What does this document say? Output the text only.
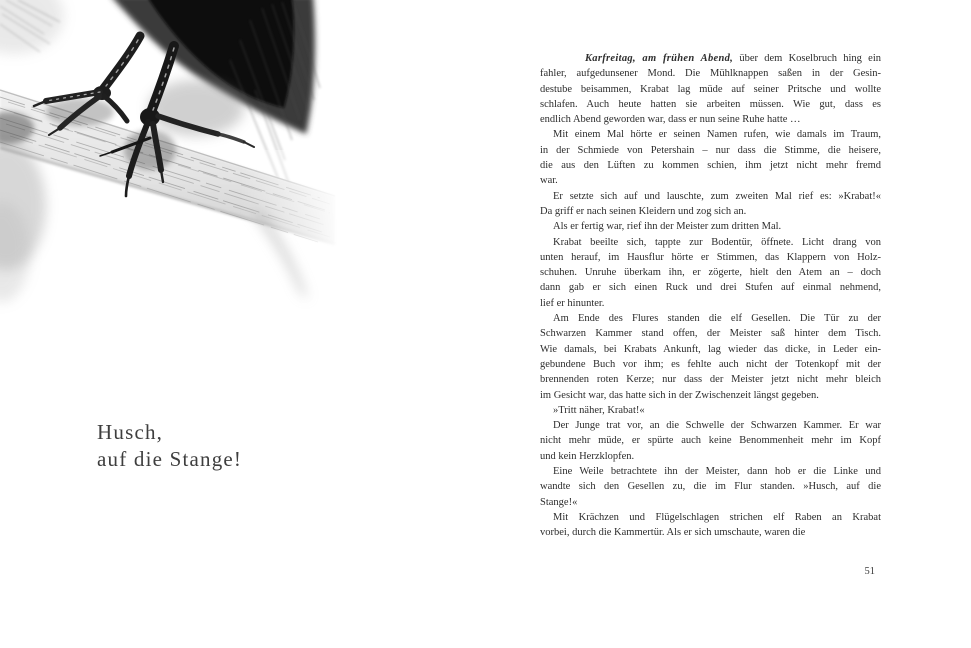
Husch,
auf die Stange!
Karfreitag, am frühen Abend, über dem Koselbruch hing ein
fahler, aufgedunsener Mond. Die Mühlknappen saßen in der Gesin-
destube beisammen, Krabat lag müde auf seiner Pritsche und wollte
schlafen. Auch heute hatten sie arbeiten müssen. Wie gut, dass es
endlich Abend geworden war, dass er nun seine Ruhe hatte …
Mit einem Mal hörte er seinen Namen rufen, wie damals im Traum,
in der Schmiede von Petershain – nur dass die Stimme, die heisere,
die aus den Lüften zu kommen schien, ihm jetzt nicht mehr fremd
war.
Er setzte sich auf und lauschte, zum zweiten Mal rief es: »Krabat!«
Da griff er nach seinen Kleidern und zog sich an.
Als er fertig war, rief ihn der Meister zum dritten Mal.
Krabat beeilte sich, tappte zur Bodentür, öffnete. Licht drang von
unten herauf, im Hausflur hörte er Stimmen, das Klappern von Holz-
schuhen. Unruhe überkam ihn, er zögerte, hielt den Atem an – doch
dann gab er sich einen Ruck und drei Stufen auf einmal nehmend,
lief er hinunter.
Am Ende des Flures standen die elf Gesellen. Die Tür zu der
Schwarzen Kammer stand offen, der Meister saß hinter dem Tisch.
Wie damals, bei Krabats Ankunft, lag wieder das dicke, in Leder ein-
gebundene Buch vor ihm; es fehlte auch nicht der Totenkopf mit der
brennenden roten Kerze; nur dass der Meister jetzt nicht mehr bleich
im Gesicht war, das hatte sich in der Zwischenzeit längst gegeben.
»Tritt näher, Krabat!«
Der Junge trat vor, an die Schwelle der Schwarzen Kammer. Er war
nicht mehr müde, er spürte auch keine Benommenheit mehr im Kopf
und kein Herzklopfen.
Eine Weile betrachtete ihn der Meister, dann hob er die Linke und
wandte sich den Gesellen zu, die im Flur standen. »Husch, auf die
Stange!«
Mit Krächzen und Flügelschlagen strichen elf Raben an Krabat
vorbei, durch die Kammertür. Als er sich umschaute, waren die
51
